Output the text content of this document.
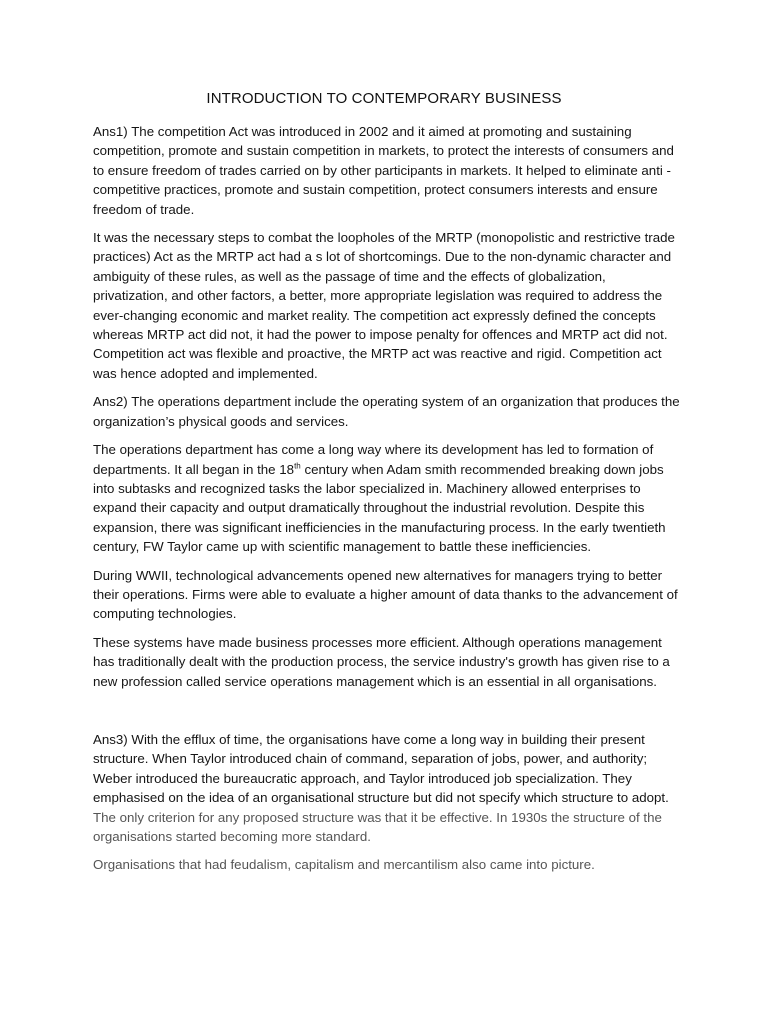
INTRODUCTION TO CONTEMPORARY BUSINESS

Ans1) The competition Act was introduced in 2002 and it aimed at promoting and sustaining competition, promote and sustain competition in markets, to protect the interests of consumers and to ensure freedom of trades carried on by other participants in markets. It helped to eliminate anti - competitive practices, promote and sustain competition, protect consumers interests and ensure freedom of trade.

It was the necessary steps to combat the loopholes of the MRTP (monopolistic and restrictive trade practices) Act as the MRTP act had a s lot of shortcomings. Due to the non-dynamic character and ambiguity of these rules, as well as the passage of time and the effects of globalization, privatization, and other factors, a better, more appropriate legislation was required to address the ever-changing economic and market reality. The competition act expressly defined the concepts whereas MRTP act did not, it had the power to impose penalty for offences and MRTP act did not. Competition act was flexible and proactive, the MRTP act was reactive and rigid. Competition act was hence adopted and implemented.

Ans2) The operations department include the operating system of an organization that produces the organization’s physical goods and services.

The operations department has come a long way where its development has led to formation of departments. It all began in the 18th century when Adam smith recommended breaking down jobs into subtasks and recognized tasks the labor specialized in. Machinery allowed enterprises to expand their capacity and output dramatically throughout the industrial revolution. Despite this expansion, there was significant inefficiencies in the manufacturing process. In the early twentieth century, FW Taylor came up with scientific management to battle these inefficiencies.

During WWII, technological advancements opened new alternatives for managers trying to better their operations. Firms were able to evaluate a higher amount of data thanks to the advancement of computing technologies.

These systems have made business processes more efficient. Although operations management has traditionally dealt with the production process, the service industry's growth has given rise to a new profession called service operations management which is an essential in all organisations.

Ans3) With the efflux of time, the organisations have come a long way in building their present structure. When Taylor introduced chain of command, separation of jobs, power, and authority; Weber introduced the bureaucratic approach, and Taylor introduced job specialization. They emphasised on the idea of an organisational structure but did not specify which structure to adopt. The only criterion for any proposed structure was that it be effective. In 1930s the structure of the organisations started becoming more standard.

Organisations that had feudalism, capitalism and mercantilism also came into picture.
